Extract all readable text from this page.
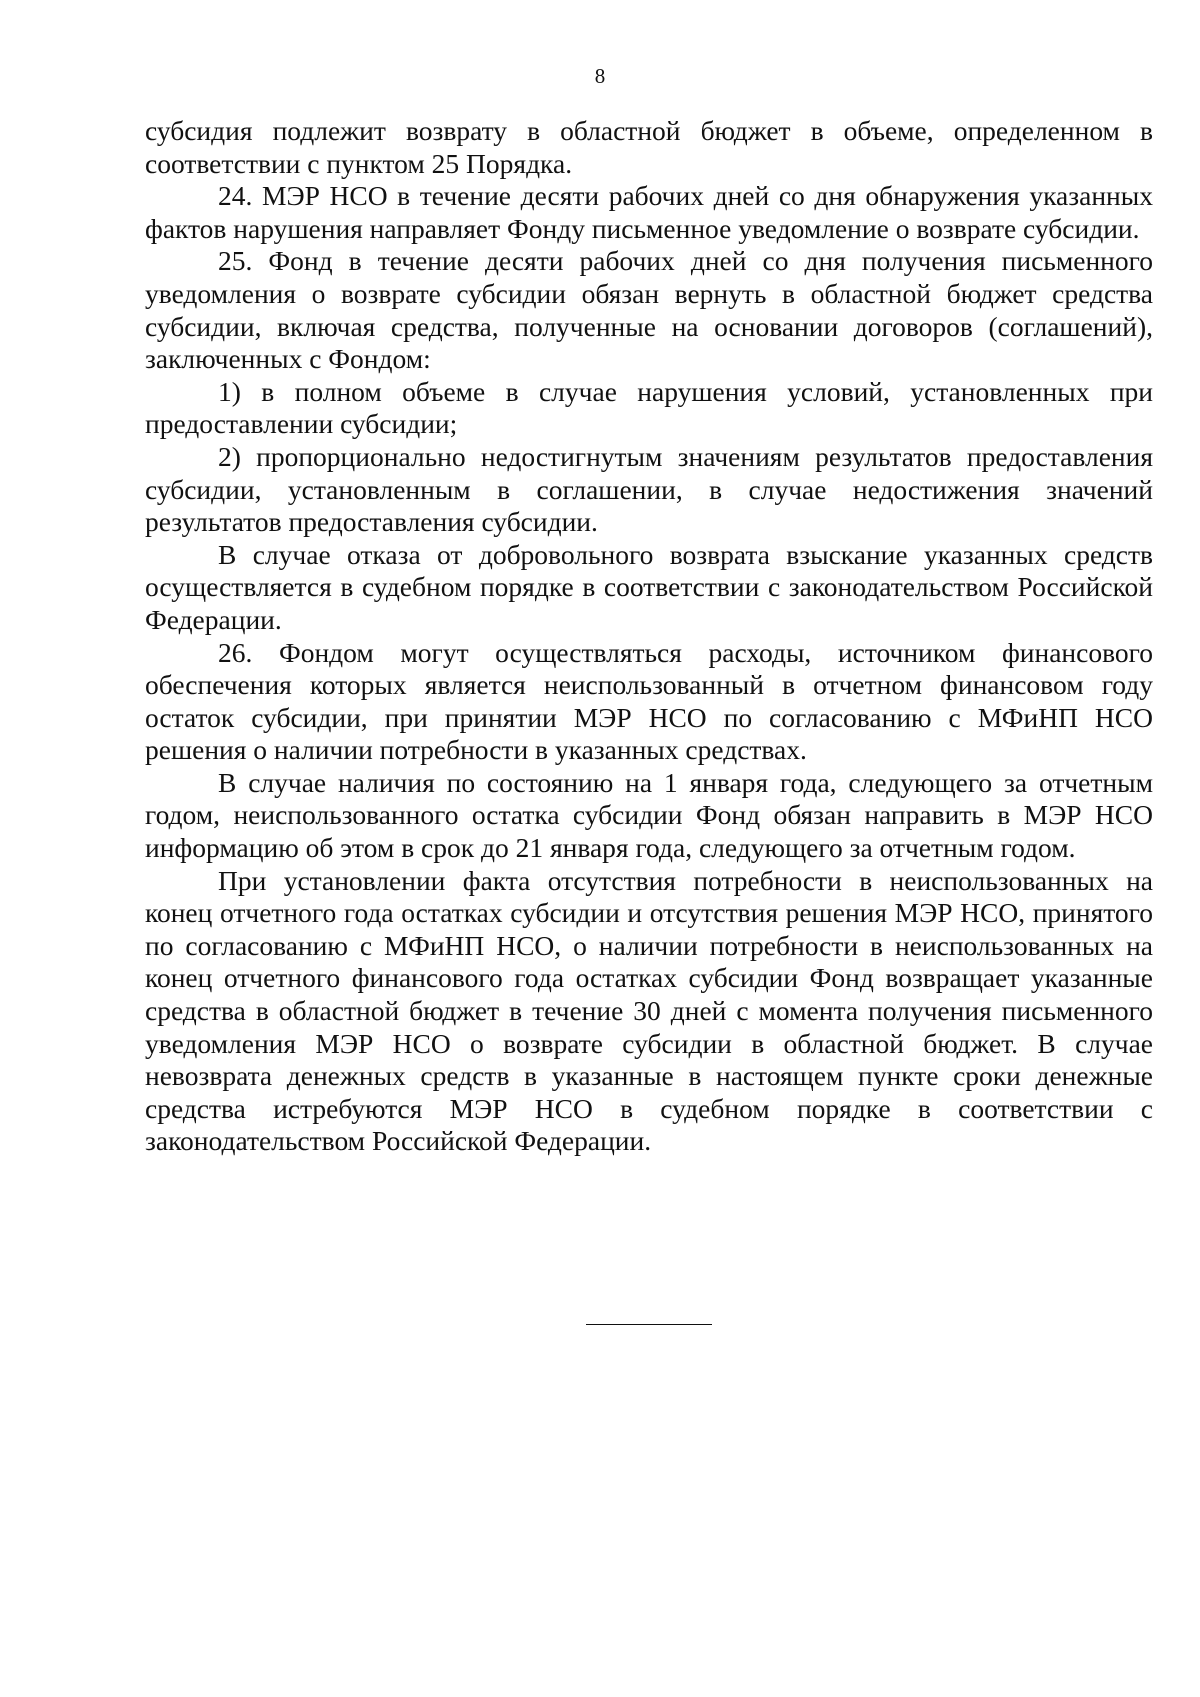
8

субсидия подлежит возврату в областной бюджет в объеме, определенном в соответствии с пунктом 25 Порядка.

24. МЭР НСО в течение десяти рабочих дней со дня обнаружения указанных фактов нарушения направляет Фонду письменное уведомление о возврате субсидии.

25. Фонд в течение десяти рабочих дней со дня получения письменного уведомления о возврате субсидии обязан вернуть в областной бюджет средства субсидии, включая средства, полученные на основании договоров (соглашений), заключенных с Фондом:

1) в полном объеме в случае нарушения условий, установленных при предоставлении субсидии;

2) пропорционально недостигнутым значениям результатов предоставления субсидии, установленным в соглашении, в случае недостижения значений результатов предоставления субсидии.

В случае отказа от добровольного возврата взыскание указанных средств осуществляется в судебном порядке в соответствии с законодательством Российской Федерации.

26. Фондом могут осуществляться расходы, источником финансового обеспечения которых является неиспользованный в отчетном финансовом году остаток субсидии, при принятии МЭР НСО по согласованию с МФиНП НСО решения о наличии потребности в указанных средствах.

В случае наличия по состоянию на 1 января года, следующего за отчетным годом, неиспользованного остатка субсидии Фонд обязан направить в МЭР НСО информацию об этом в срок до 21 января года, следующего за отчетным годом.

При установлении факта отсутствия потребности в неиспользованных на конец отчетного года остатках субсидии и отсутствия решения МЭР НСО, принятого по согласованию с МФиНП НСО, о наличии потребности в неиспользованных на конец отчетного финансового года остатках субсидии Фонд возвращает указанные средства в областной бюджет в течение 30 дней с момента получения письменного уведомления МЭР НСО о возврате субсидии в областной бюджет. В случае невозврата денежных средств в указанные в настоящем пункте сроки денежные средства истребуются МЭР НСО в судебном порядке в соответствии с законодательством Российской Федерации.
